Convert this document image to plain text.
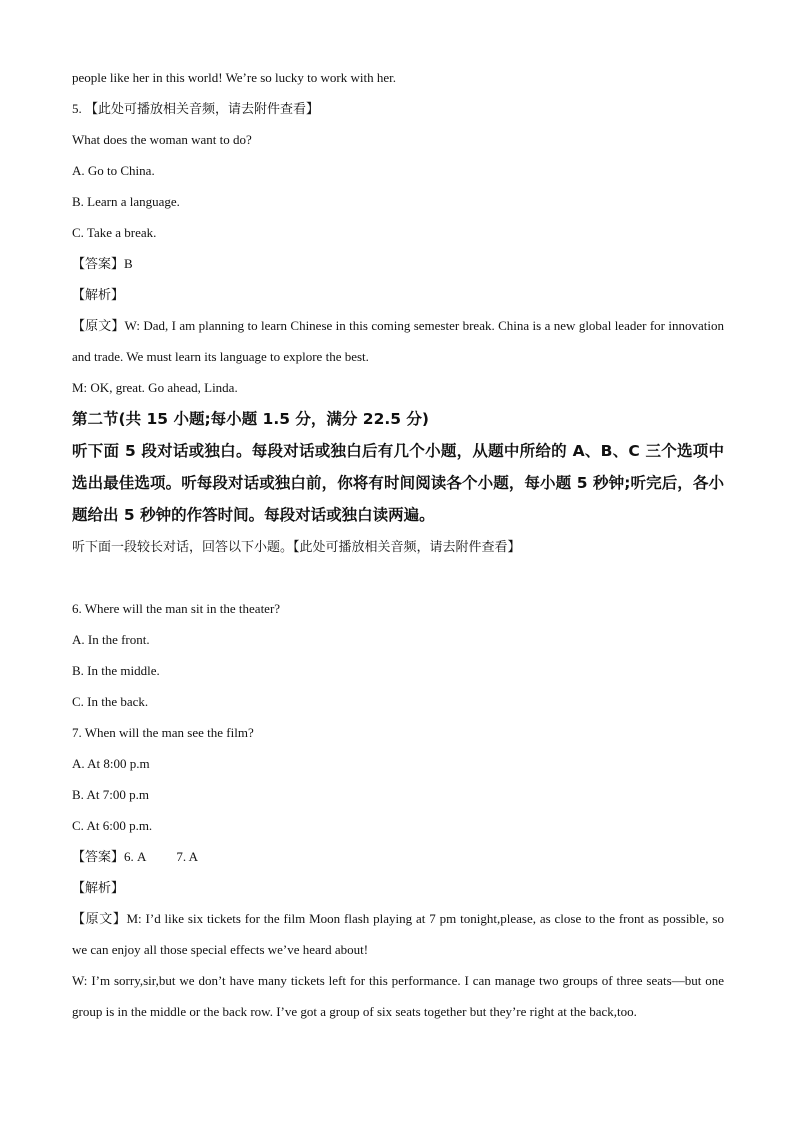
people like her in this world! We’re so lucky to work with her.
5. 【此处可播放相关音频，请去附件查看】
What does the woman want to do?
A. Go to China.
B. Learn a language.
C. Take a break.
【答案】B
【解析】
【原文】W: Dad, I am planning to learn Chinese in this coming semester break. China is a new global leader for innovation and trade. We must learn its language to explore the best.
M: OK, great. Go ahead, Linda.
第二节(共 15 小题;每小题 1.5 分，满分 22.5 分)
听下面 5 段对话或独白。每段对话或独白后有几个小题，从题中所给的 A、B、C 三个选项中选出最佳选项。听每段对话或独白前，你将有时间阅读各个小题，每小题 5 秒钟;听完后，各小题给出 5 秒钟的作答时间。每段对话或独白读两遍。
听下面一段较长对话，回答以下小题。【此处可播放相关音频，请去附件查看】
6. Where will the man sit in the theater?
A. In the front.
B. In the middle.
C. In the back.
7. When will the man see the film?
A. At 8:00 p.m
B. At 7:00 p.m
C. At 6:00 p.m.
【答案】6. A 7. A
【解析】
【原文】M: I’d like six tickets for the film Moon flash playing at 7 pm tonight,please, as close to the front as possible, so we can enjoy all those special effects we’ve heard about!
W: I’m sorry,sir,but we don’t have many tickets left for this performance. I can manage two groups of three seats—but one group is in the middle or the back row. I’ve got a group of six seats together but they’re right at the back,too.
